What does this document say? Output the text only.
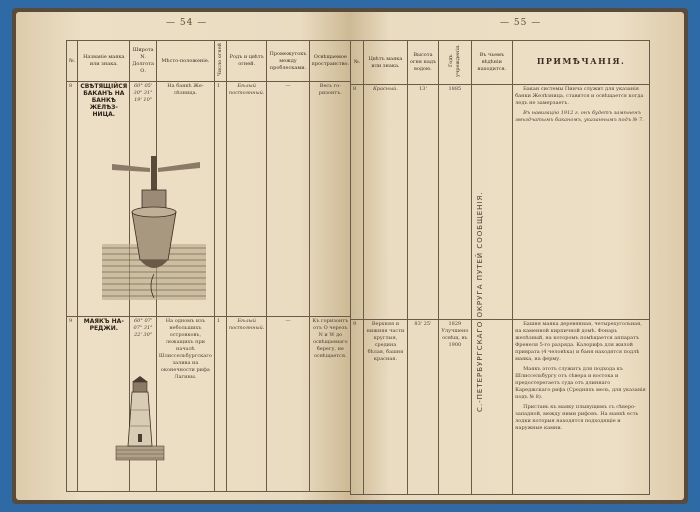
— 54 —
№.	Названіе маяка или знака.	Широта N. Долгота О.	Мѣсто-положеніе.	Число огней	Родъ и цвѣтъ огней.	Промежутокъ между проблесками.	Освѣщаемое пространство.	
8	СВѢТЯЩІЙСЯ БАКАНЪ НА БАНКѢ ЖЕЛѢЗ-НИЦА.	60° 05' 30" 31° 19' 10"	На банкѣ Же-лѣзница.	1	Бѣлый постоянный.	—	Весь го-ризонтъ.	
9	МАЯКЪ НА-РЕДЖИ.	60° 07' 07" 31° 22' 30"	На одномъ изъ небольшихъ островковъ, лежащихъ при началѣ Шлиссельбургскаго залива на оконечности рифа Лагины.	1	Бѣлый постоянный.	—	Къ горизонтъ отъ О черезъ N и W до освѣщаемаго берегу, не освѣщается.	
— 55 —
№.	Цвѣтъ маяка или знака.	Высота огня надъ водою.	Годъ учрежденія.	Въ чьемъ вѣдѣніи находится.	ПРИМѢЧАНІЯ.
8	Красный.	13'	1885		Бакан системы Пинча служит для указанія банки Желѣзница, ставится и освѣщается когда ледъ не замерзаетъ.

Въ навигацію 1912 г. онъ будетъ замѣненъ звѣздчатымъ баканомъ, указаннымъ подъ № 7.

9	Верхняя и нижняя части круглыя, средина бѣлая, башня красная.	83' 25'	1829 Улучшено освѣщ. въ 1900		Башня маяка деревянная, четырехугольная, на каменной кирпичной домѣ. Фонарь желѣзный, на которомъ помѣщается аппаратъ Френеля 5-го разряда. Калорифъ для жилой приврата (4 человѣка) и баня находятся подлѣ маяка, на ферму.

Маякъ этотъ служитъ для подхода къ Шлиссельбургу отъ сѣвера и востока и предостерегаетъ суда отъ длиннаго Кареджскаго рифа (Средняхъ мель, для указанія подъ № 8).

Пристань къ маяку плывущимъ съ сѣверо-западной, между ними рифовъ. На маякѣ есть лодки которыя находятся подходящіе и наружные камни.

С.-ПЕТЕРБУРГСКАГО ОКРУГА ПУТЕЙ СООБЩЕНІЯ.
